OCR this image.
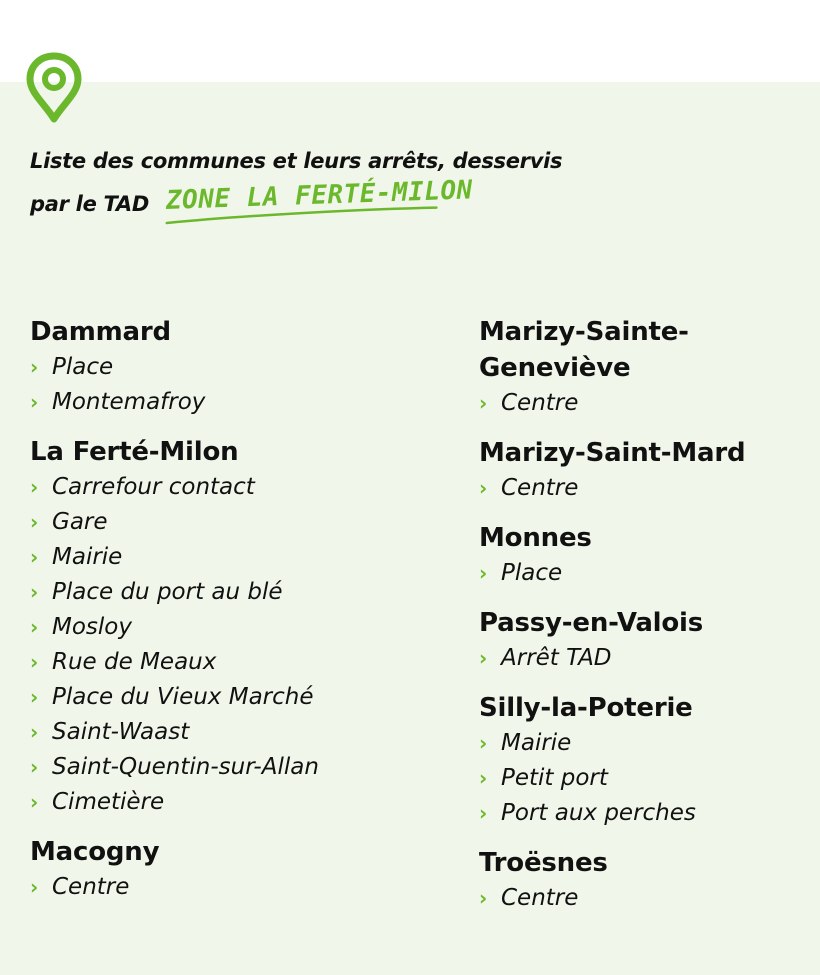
Liste des communes et leurs arrêts, desservis
par le TAD ZONE LA FERTÉ-MILON
Dammard
› Place
› Montemafroy
La Ferté-Milon
› Carrefour contact
› Gare
› Mairie
› Place du port au blé
› Mosloy
› Rue de Meaux
› Place du Vieux Marché
› Saint-Waast
› Saint-Quentin-sur-Allan
› Cimetière
Macogny
› Centre
Marizy-Sainte-
Geneviève
› Centre
Marizy-Saint-Mard
› Centre
Monnes
› Place
Passy-en-Valois
› Arrêt TAD
Silly-la-Poterie
› Mairie
› Petit port
› Port aux perches
Troësnes
› Centre
